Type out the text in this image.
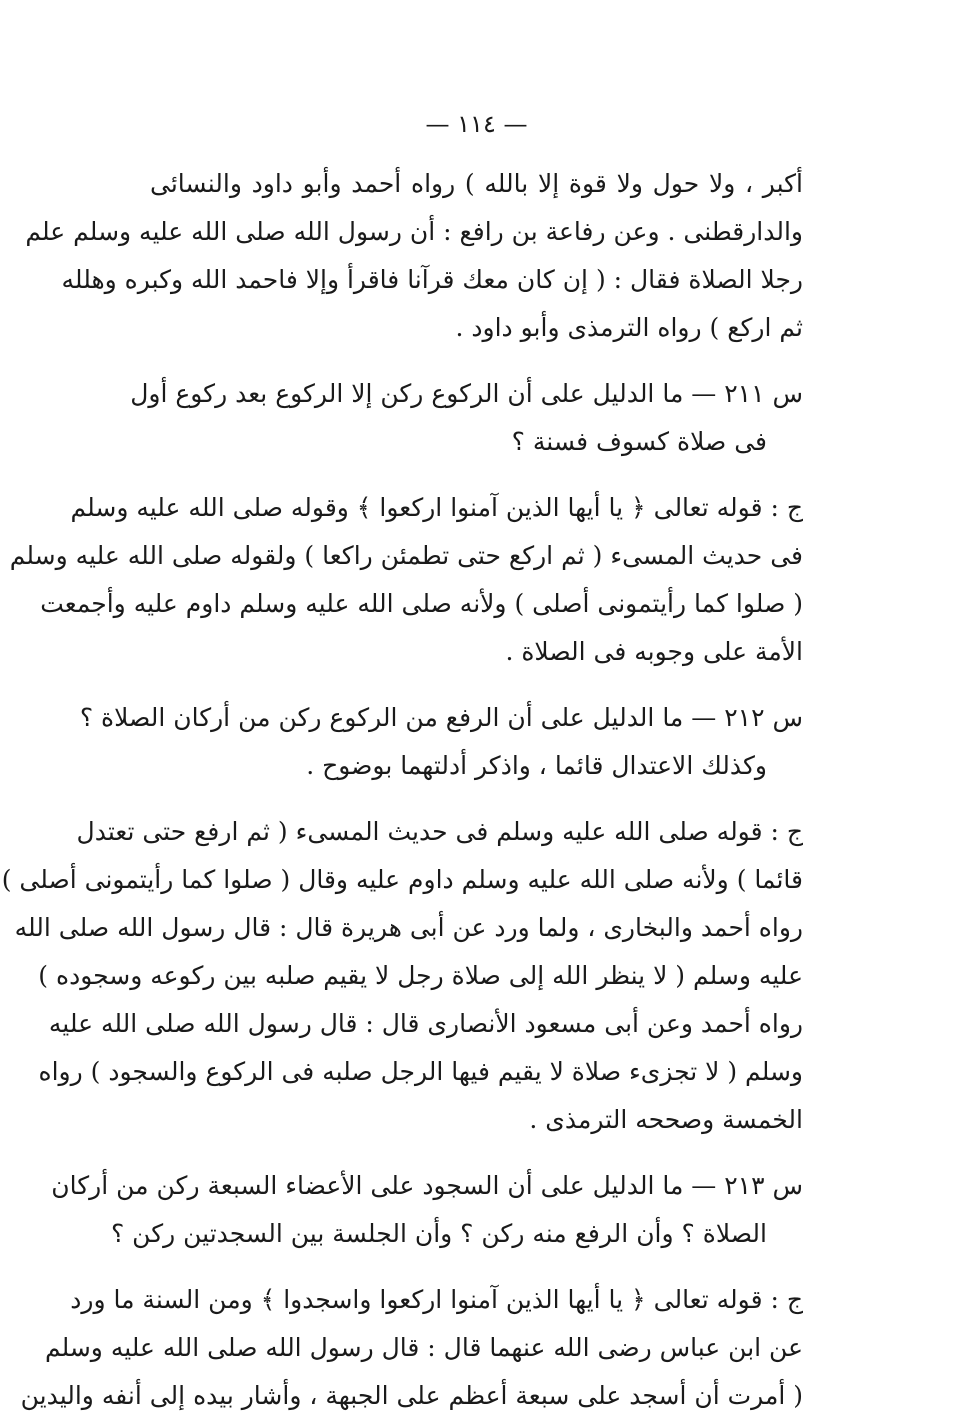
— ١١٤ —
أكبر ، ولا حول ولا قوة إلا بالله ) رواه أحمد وأبو داود والنسائى
والدارقطنى . وعن رفاعة بن رافع : أن رسول الله صلى الله عليه وسلم علم
رجلا الصلاة فقال : ( إن كان معك قرآنا فاقرأ وإلا فاحمد الله وكبره وهلله
ثم اركع ) رواه الترمذى وأبو داود .
س ٢١١ — ما الدليل على أن الركوع ركن إلا الركوع بعد ركوع أول
فى صلاة كسوف فسنة ؟
ج : قوله تعالى ﴿ يا أيها الذين آمنوا اركعوا ﴾ وقوله صلى الله عليه وسلم
فى حديث المسىء ( ثم اركع حتى تطمئن راكعا ) ولقوله صلى الله عليه وسلم
( صلوا كما رأيتمونى أصلى ) ولأنه صلى الله عليه وسلم داوم عليه وأجمعت
الأمة على وجوبه فى الصلاة .
س ٢١٢ — ما الدليل على أن الرفع من الركوع ركن من أركان الصلاة ؟
وكذلك الاعتدال قائما ، واذكر أدلتهما بوضوح .
ج : قوله صلى الله عليه وسلم فى حديث المسىء ( ثم ارفع حتى تعتدل
قائما ) ولأنه صلى الله عليه وسلم داوم عليه وقال ( صلوا كما رأيتمونى أصلى )
رواه أحمد والبخارى ، ولما ورد عن أبى هريرة قال : قال رسول الله صلى الله
عليه وسلم ( لا ينظر الله إلى صلاة رجل لا يقيم صلبه بين ركوعه وسجوده )
رواه أحمد وعن أبى مسعود الأنصارى قال : قال رسول الله صلى الله عليه
وسلم ( لا تجزىء صلاة لا يقيم فيها الرجل صلبه فى الركوع والسجود ) رواه
الخمسة وصححه الترمذى .
س ٢١٣ — ما الدليل على أن السجود على الأعضاء السبعة ركن من أركان
الصلاة ؟ وأن الرفع منه ركن ؟ وأن الجلسة بين السجدتين ركن ؟
ج : قوله تعالى ﴿ يا أيها الذين آمنوا اركعوا واسجدوا ﴾ ومن السنة ما ورد
عن ابن عباس رضى الله عنهما قال : قال رسول الله صلى الله عليه وسلم
( أمرت أن أسجد على سبعة أعظم على الجبهة ، وأشار بيده إلى أنفه واليدين
